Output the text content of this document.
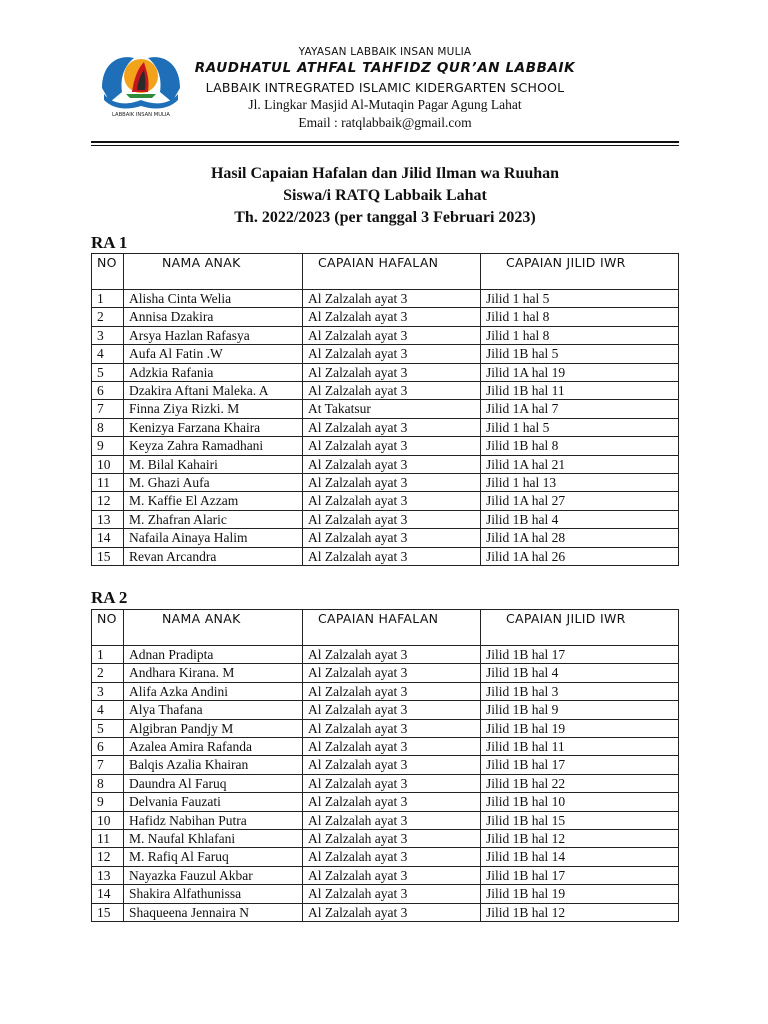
LABBAIK INSAN MULIA
YAYASAN LABBAIK INSAN MULIA
RAUDHATUL ATHFAL TAHFIDZ QUR’AN LABBAIK
LABBAIK INTREGRATED ISLAMIC KIDERGARTEN SCHOOL
Jl. Lingkar Masjid Al-Mutaqin Pagar Agung Lahat
Email : ratqlabbaik@gmail.com
Hasil Capaian Hafalan dan Jilid Ilman wa Ruuhan
Siswa/i RATQ Labbaik Lahat
Th. 2022/2023 (per tanggal 3 Februari 2023)
RA 1
NO	NAMA ANAK	CAPAIAN HAFALAN	CAPAIAN JILID IWR
1	Alisha Cinta Welia	Al Zalzalah ayat 3	Jilid 1 hal 5
2	Annisa Dzakira	Al Zalzalah ayat 3	Jilid 1 hal 8
3	Arsya Hazlan Rafasya	Al Zalzalah ayat 3	Jilid 1 hal 8
4	Aufa Al Fatin .W	Al Zalzalah ayat 3	Jilid 1B hal 5
5	Adzkia Rafania	Al Zalzalah ayat 3	Jilid 1A hal 19
6	Dzakira Aftani Maleka. A	Al Zalzalah ayat 3	Jilid 1B hal 11
7	Finna Ziya Rizki. M	At Takatsur	Jilid 1A hal 7
8	Kenizya Farzana Khaira	Al Zalzalah ayat 3	Jilid 1 hal 5
9	Keyza Zahra Ramadhani	Al Zalzalah ayat 3	Jilid 1B hal 8
10	M. Bilal Kahairi	Al Zalzalah ayat 3	Jilid 1A hal 21
11	M. Ghazi Aufa	Al Zalzalah ayat 3	Jilid 1 hal 13
12	M. Kaffie El Azzam	Al Zalzalah ayat 3	Jilid 1A hal 27
13	M. Zhafran Alaric	Al Zalzalah ayat 3	Jilid 1B hal 4
14	Nafaila Ainaya Halim	Al Zalzalah ayat 3	Jilid 1A hal 28
15	Revan Arcandra	Al Zalzalah ayat 3	Jilid 1A hal 26
RA 2
NO	NAMA ANAK	CAPAIAN HAFALAN	CAPAIAN JILID IWR
1	Adnan Pradipta	Al Zalzalah ayat 3	Jilid 1B hal 17
2	Andhara Kirana. M	Al Zalzalah ayat 3	Jilid 1B hal 4
3	Alifa Azka Andini	Al Zalzalah ayat 3	Jilid 1B hal 3
4	Alya Thafana	Al Zalzalah ayat 3	Jilid 1B hal 9
5	Algibran Pandjy M	Al Zalzalah ayat 3	Jilid 1B hal 19
6	Azalea Amira Rafanda	Al Zalzalah ayat 3	Jilid 1B hal 11
7	Balqis Azalia Khairan	Al Zalzalah ayat 3	Jilid 1B hal 17
8	Daundra Al Faruq	Al Zalzalah ayat 3	Jilid 1B hal 22
9	Delvania Fauzati	Al Zalzalah ayat 3	Jilid 1B hal 10
10	Hafidz Nabihan Putra	Al Zalzalah ayat 3	Jilid 1B hal 15
11	M. Naufal Khlafani	Al Zalzalah ayat 3	Jilid 1B hal 12
12	M. Rafiq Al Faruq	Al Zalzalah ayat 3	Jilid 1B hal 14
13	Nayazka Fauzul Akbar	Al Zalzalah ayat 3	Jilid 1B hal 17
14	Shakira Alfathunissa	Al Zalzalah ayat 3	Jilid 1B hal 19
15	Shaqueena Jennaira N	Al Zalzalah ayat 3	Jilid 1B hal 12
